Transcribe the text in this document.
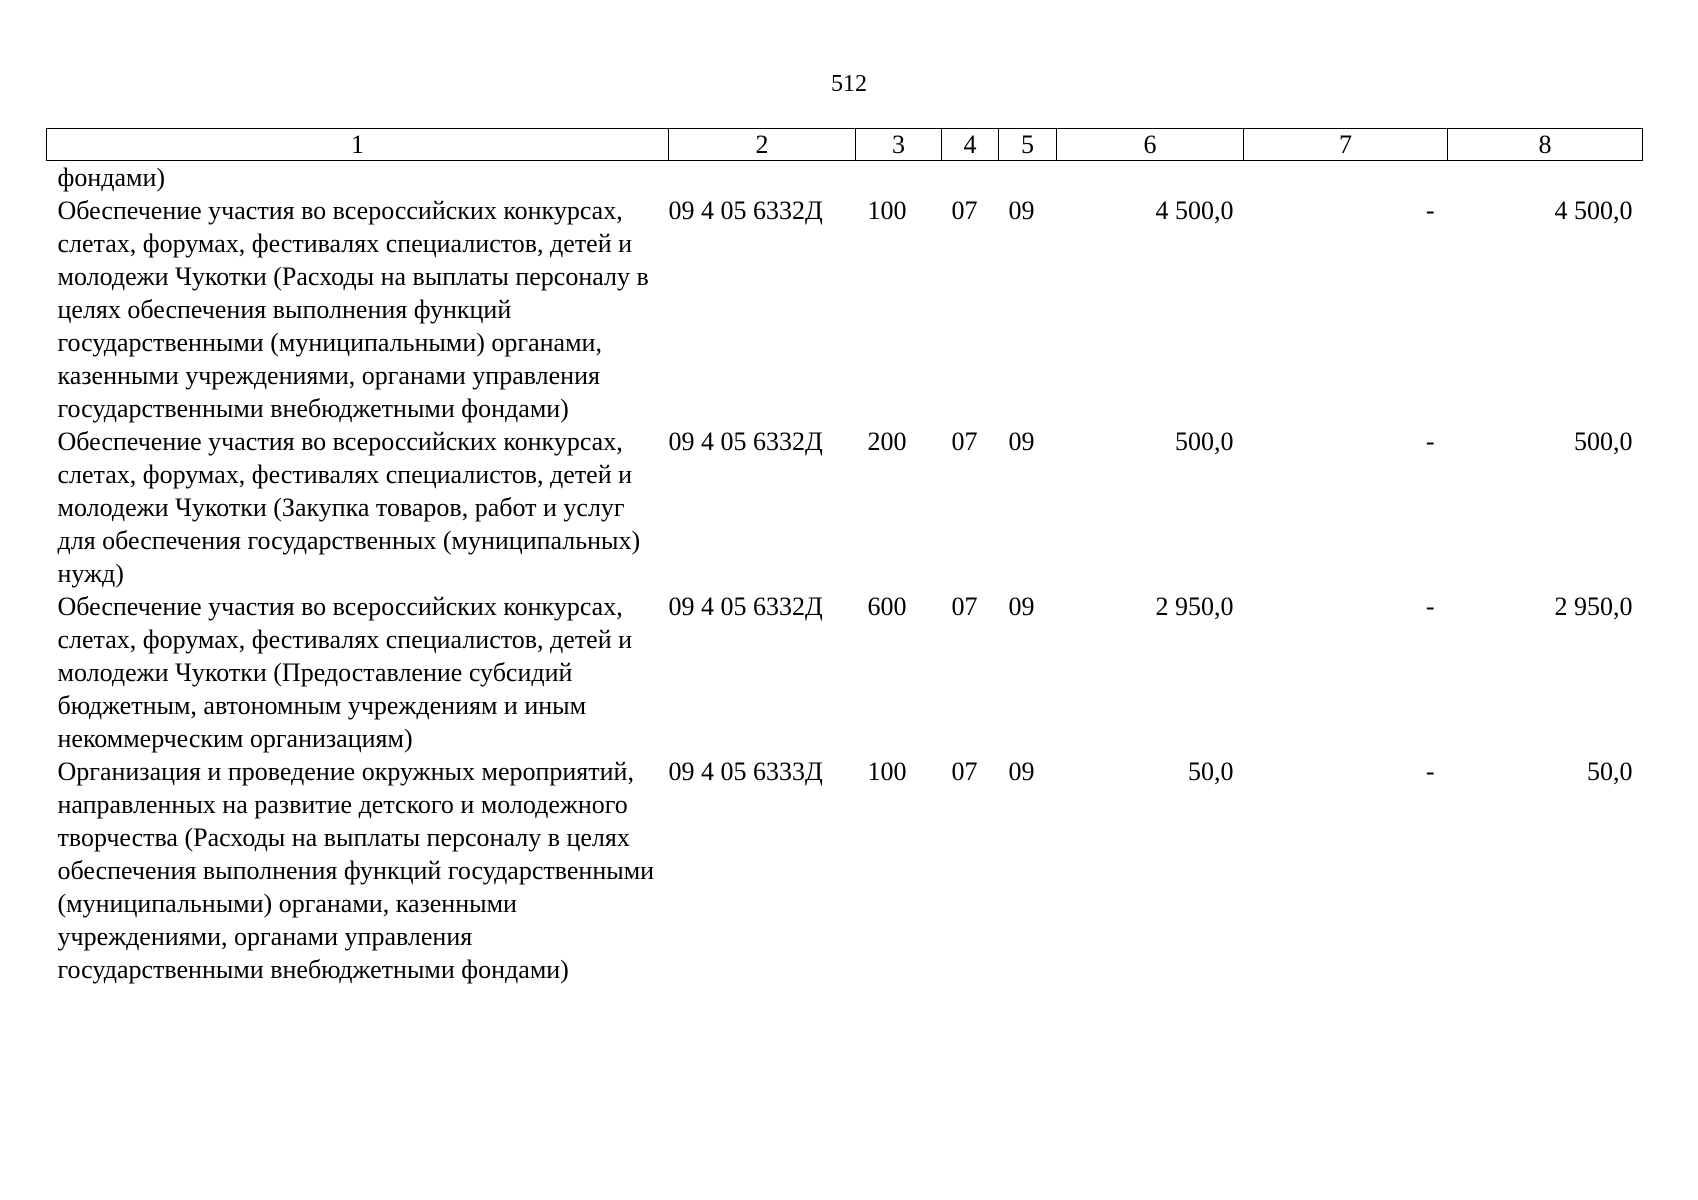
512
1	2	3	4	5	6	7	8
фондами)							
Обеспечение участия во всероссийских конкурсах, слетах, форумах, фестивалях специалистов, детей и молодежи Чукотки (Расходы на выплаты персоналу в целях обеспечения выполнения функций государственными (муниципальными) органами, казенными учреждениями, органами управления государственными внебюджетными фондами)	09 4 05 6332Д	100	07	09	4 500,0	-	4 500,0
Обеспечение участия во всероссийских конкурсах, слетах, форумах, фестивалях специалистов, детей и молодежи Чукотки (Закупка товаров, работ и услуг для обеспечения государственных (муниципальных) нужд)	09 4 05 6332Д	200	07	09	500,0	-	500,0
Обеспечение участия во всероссийских конкурсах, слетах, форумах, фестивалях специалистов, детей и молодежи Чукотки (Предоставление субсидий бюджетным, автономным учреждениям и иным некоммерческим организациям)	09 4 05 6332Д	600	07	09	2 950,0	-	2 950,0
Организация и проведение окружных мероприятий, направленных на развитие детского и молодежного творчества (Расходы на выплаты персоналу в целях обеспечения выполнения функций государственными (муниципальными) органами, казенными учреждениями, органами управления государственными внебюджетными фондами)	09 4 05 6333Д	100	07	09	50,0	-	50,0
